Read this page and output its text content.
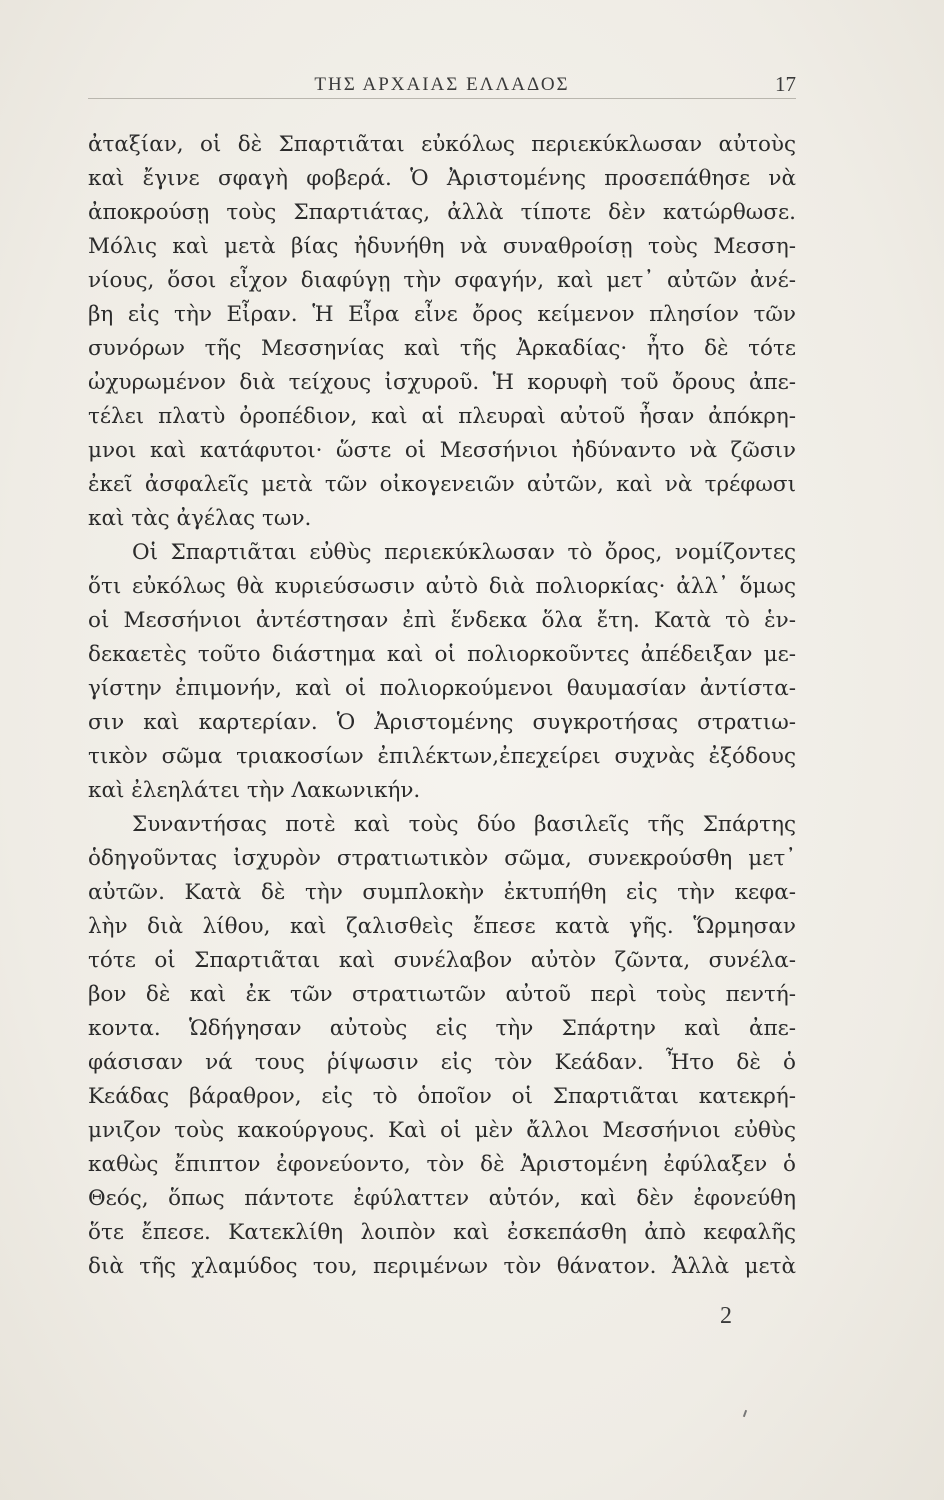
ΤΗΣ ΑΡΧΑΙΑΣ ΕΛΛΑΔΟΣ	17
ἀταξίαν, οἱ δὲ Σπαρτιᾶται εὐκόλως περιεκύκλωσαν αὐτοὺς
καὶ ἔγινε σφαγὴ φοβερά. Ὁ Ἀριστομένης προσεπάθησε νὰ
ἀποκρούσῃ τοὺς Σπαρτιάτας, ἀλλὰ τίποτε δὲν κατώρθωσε.
Μόλις καὶ μετὰ βίας ἠδυνήθη νὰ συναθροίσῃ τοὺς Μεσση-
νίους, ὅσοι εἶχον διαφύγῃ τὴν σφαγήν, καὶ μετ᾽ αὐτῶν ἀνέ-
βη εἰς τὴν Εἶραν. Ἡ Εἶρα εἶνε ὄρος κείμενον πλησίον τῶν
συνόρων τῆς Μεσσηνίας καὶ τῆς Ἀρκαδίας· ἦτο δὲ τότε
ὠχυρωμένον διὰ τείχους ἰσχυροῦ. Ἡ κορυφὴ τοῦ ὄρους ἀπε-
τέλει πλατὺ ὀροπέδιον, καὶ αἱ πλευραὶ αὐτοῦ ἦσαν ἀπόκρη-
μνοι καὶ κατάφυτοι· ὥστε οἱ Μεσσήνιοι ἠδύναντο νὰ ζῶσιν
ἐκεῖ ἀσφαλεῖς μετὰ τῶν οἰκογενειῶν αὐτῶν, καὶ νὰ τρέφωσι
καὶ τὰς ἀγέλας των.
Οἱ Σπαρτιᾶται εὐθὺς περιεκύκλωσαν τὸ ὄρος, νομίζοντες
ὅτι εὐκόλως θὰ κυριεύσωσιν αὐτὸ διὰ πολιορκίας· ἀλλ᾽ ὅμως
οἱ Μεσσήνιοι ἀντέστησαν ἐπὶ ἕνδεκα ὅλα ἔτη. Κατὰ τὸ ἑν-
δεκαετὲς τοῦτο διάστημα καὶ οἱ πολιορκοῦντες ἀπέδειξαν με-
γίστην ἐπιμονήν, καὶ οἱ πολιορκούμενοι θαυμασίαν ἀντίστα-
σιν καὶ καρτερίαν. Ὁ Ἀριστομένης συγκροτήσας στρατιω-
τικὸν σῶμα τριακοσίων ἐπιλέκτων,ἐπεχείρει συχνὰς ἐξόδους
καὶ ἐλεηλάτει τὴν Λακωνικήν.
Συναντήσας ποτὲ καὶ τοὺς δύο βασιλεῖς τῆς Σπάρτης
ὁδηγοῦντας ἰσχυρὸν στρατιωτικὸν σῶμα, συνεκρούσθη μετ᾽
αὐτῶν. Κατὰ δὲ τὴν συμπλοκὴν ἐκτυπήθη εἰς τὴν κεφα-
λὴν διὰ λίθου, καὶ ζαλισθεὶς ἔπεσε κατὰ γῆς. Ὥρμησαν
τότε οἱ Σπαρτιᾶται καὶ συνέλαβον αὐτὸν ζῶντα, συνέλα-
βον δὲ καὶ ἐκ τῶν στρατιωτῶν αὐτοῦ περὶ τοὺς πεντή-
κοντα. Ὡδήγησαν αὐτοὺς εἰς τὴν Σπάρτην καὶ ἀπε-
φάσισαν νά τους ῥίψωσιν εἰς τὸν Κεάδαν. Ἦτο δὲ ὁ
Κεάδας βάραθρον, εἰς τὸ ὁποῖον οἱ Σπαρτιᾶται κατεκρή-
μνιζον τοὺς κακούργους. Καὶ οἱ μὲν ἄλλοι Μεσσήνιοι εὐθὺς
καθὼς ἔπιπτον ἐφονεύοντο, τὸν δὲ Ἀριστομένη ἐφύλαξεν ὁ
Θεός, ὅπως πάντοτε ἐφύλαττεν αὐτόν, καὶ δὲν ἐφονεύθη
ὅτε ἔπεσε. Κατεκλίθη λοιπὸν καὶ ἐσκεπάσθη ἀπὸ κεφαλῆς
διὰ τῆς χλαμύδος του, περιμένων τὸν θάνατον. Ἀλλὰ μετὰ
2
